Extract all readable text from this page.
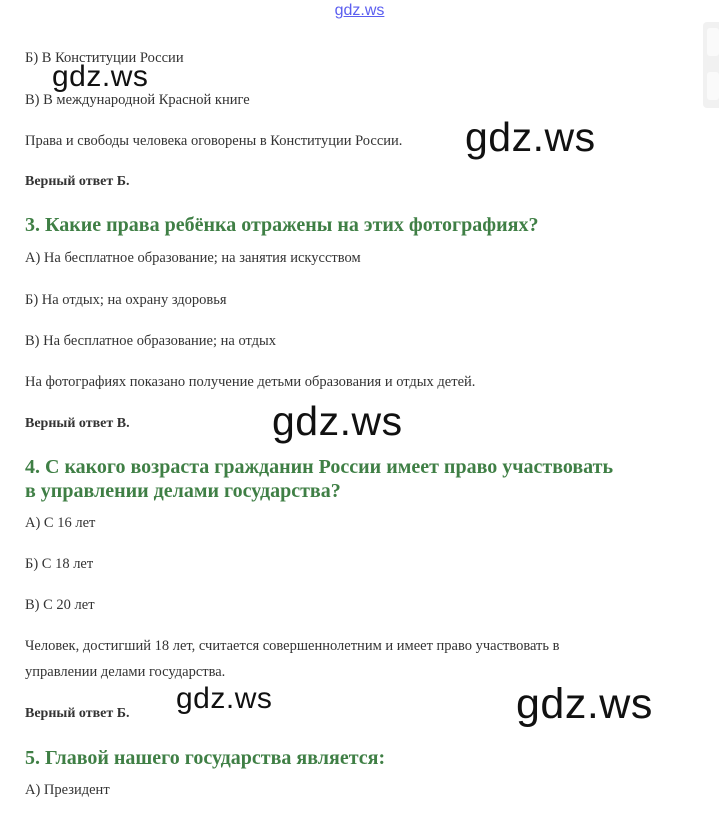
gdz.ws
Б) В Конституции России
В) В международной Красной книге
Права и свободы человека оговорены в Конституции России.
Верный ответ Б.
3. Какие права ребёнка отражены на этих фотографиях?
А) На бесплатное образование; на занятия искусством
Б) На отдых; на охрану здоровья
В) На бесплатное образование; на отдых
На фотографиях показано получение детьми образования и отдых детей.
Верный ответ В.
4. С какого возраста гражданин России имеет право участвовать
в управлении делами государства?
А) С 16 лет
Б) С 18 лет
В) С 20 лет
Человек, достигший 18 лет, считается совершеннолетним и имеет право участвовать в
управлении делами государства.
Верный ответ Б.
5. Главой нашего государства является:
А) Президент
gdz.ws
gdz.ws
gdz.ws
gdz.ws	gdz.ws
